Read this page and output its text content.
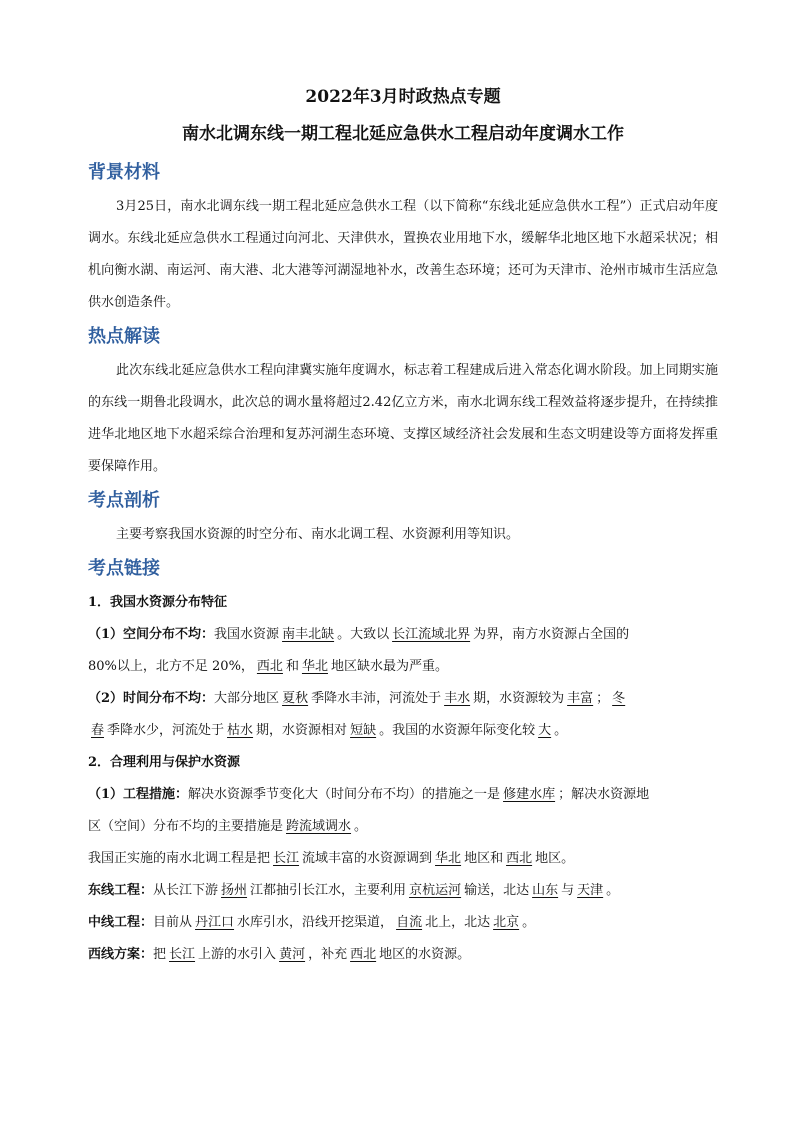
2022年3月时政热点专题
南水北调东线一期工程北延应急供水工程启动年度调水工作
背景材料

3月25日，南水北调东线一期工程北延应急供水工程（以下简称“东线北延应急供水工程”）正式启动年度调水。东线北延应急供水工程通过向河北、天津供水，置换农业用地下水，缓解华北地区地下水超采状况；相机向衡水湖、南运河、南大港、北大港等河湖湿地补水，改善生态环境；还可为天津市、沧州市城市生活应急供水创造条件。

热点解读

此次东线北延应急供水工程向津冀实施年度调水，标志着工程建成后进入常态化调水阶段。加上同期实施的东线一期鲁北段调水，此次总的调水量将超过2.42亿立方米，南水北调东线工程效益将逐步提升，在持续推进华北地区地下水超采综合治理和复苏河湖生态环境、支撑区域经济社会发展和生态文明建设等方面将发挥重要保障作用。

考点剖析

主要考察我国水资源的时空分布、南水北调工程、水资源利用等知识。

考点链接

1．我国水资源分布特征

（1）空间分布不均：我国水资源 南丰北缺 。大致以 长江流域北界 为界，南方水资源占全国的

80%以上，北方不足 20%， 西北 和 华北 地区缺水最为严重。

（2）时间分布不均：大部分地区 夏秋 季降水丰沛，河流处于 丰水 期，水资源较为 丰富 ； 冬

春 季降水少，河流处于 枯水 期，水资源相对 短缺 。我国的水资源年际变化较 大 。

2．合理利用与保护水资源

（1）工程措施：解决水资源季节变化大（时间分布不均）的措施之一是 修建水库 ；解决水资源地

区（空间）分布不均的主要措施是 跨流域调水 。

我国正实施的南水北调工程是把 长江 流域丰富的水资源调到 华北 地区和 西北 地区。

东线工程：从长江下游 扬州 江都抽引长江水，主要利用 京杭运河 输送，北达 山东 与 天津 。

中线工程：目前从 丹江口 水库引水，沿线开挖渠道， 自流 北上，北达 北京 。

西线方案：把 长江 上游的水引入 黄河 ，补充 西北 地区的水资源。
